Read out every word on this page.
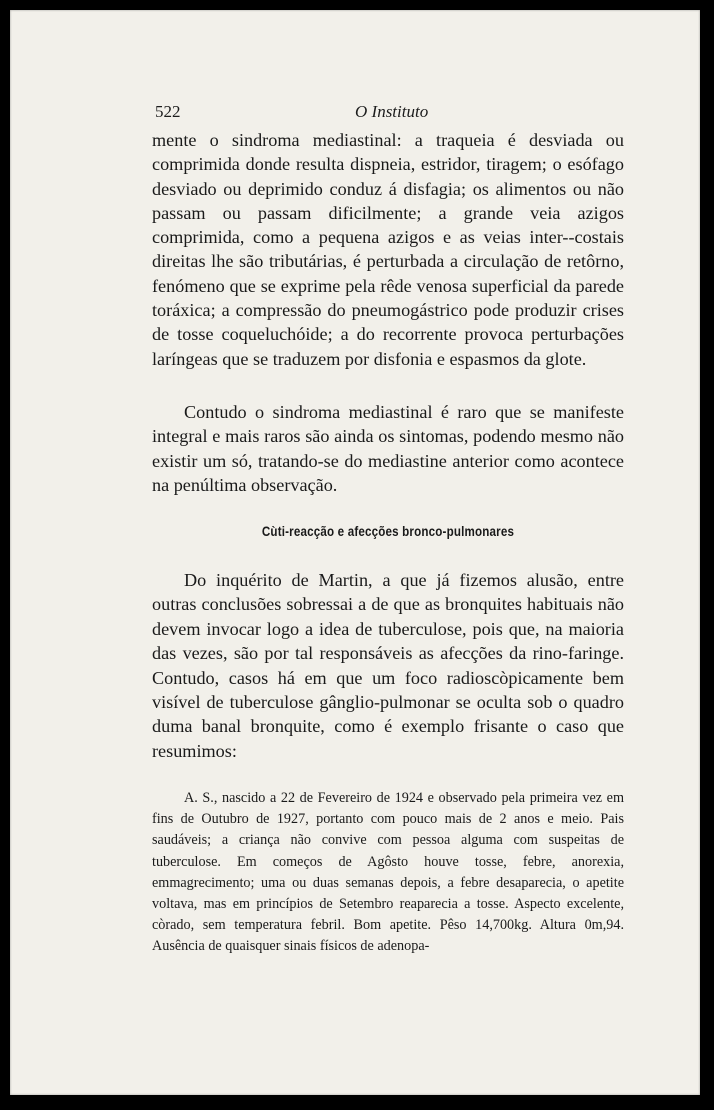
522	O Instituto

mente o sindroma mediastinal: a traqueia é desviada ou comprimida donde resulta dispneia, estridor, tiragem; o esófago desviado ou deprimido conduz á disfagia; os alimentos ou não passam ou passam dificilmente; a grande veia azigos comprimida, como a pequena azigos e as veias inter--costais direitas lhe são tributárias, é perturbada a circulação de retôrno, fenómeno que se exprime pela rêde venosa superficial da parede toráxica; a compressão do pneumogástrico pode produzir crises de tosse coqueluchóide; a do recorrente provoca perturbações laríngeas que se traduzem por disfonia e espasmos da glote.

Contudo o sindroma mediastinal é raro que se manifeste integral e mais raros são ainda os sintomas, podendo mesmo não existir um só, tratando-se do mediastine anterior como acontece na penúltima observação.

Cùti-reacção e afecções bronco-pulmonares

Do inquérito de Martin, a que já fizemos alusão, entre outras conclusões sobressai a de que as bronquites habituais não devem invocar logo a idea de tuberculose, pois que, na maioria das vezes, são por tal responsáveis as afecções da rino-faringe. Contudo, casos há em que um foco radioscòpicamente bem visível de tuberculose gânglio-pulmonar se oculta sob o quadro duma banal bronquite, como é exemplo frisante o caso que resumimos:

A. S., nascido a 22 de Fevereiro de 1924 e observado pela primeira vez em fins de Outubro de 1927, portanto com pouco mais de 2 anos e meio. Pais saudáveis; a criança não convive com pessoa alguma com suspeitas de tuberculose. Em começos de Agôsto houve tosse, febre, anorexia, emmagrecimento; uma ou duas semanas depois, a febre desaparecia, o apetite voltava, mas em princípios de Setembro reaparecia a tosse. Aspecto excelente, còrado, sem temperatura febril. Bom apetite. Pêso 14,700kg. Altura 0m,94. Ausência de quaisquer sinais físicos de adenopa-
